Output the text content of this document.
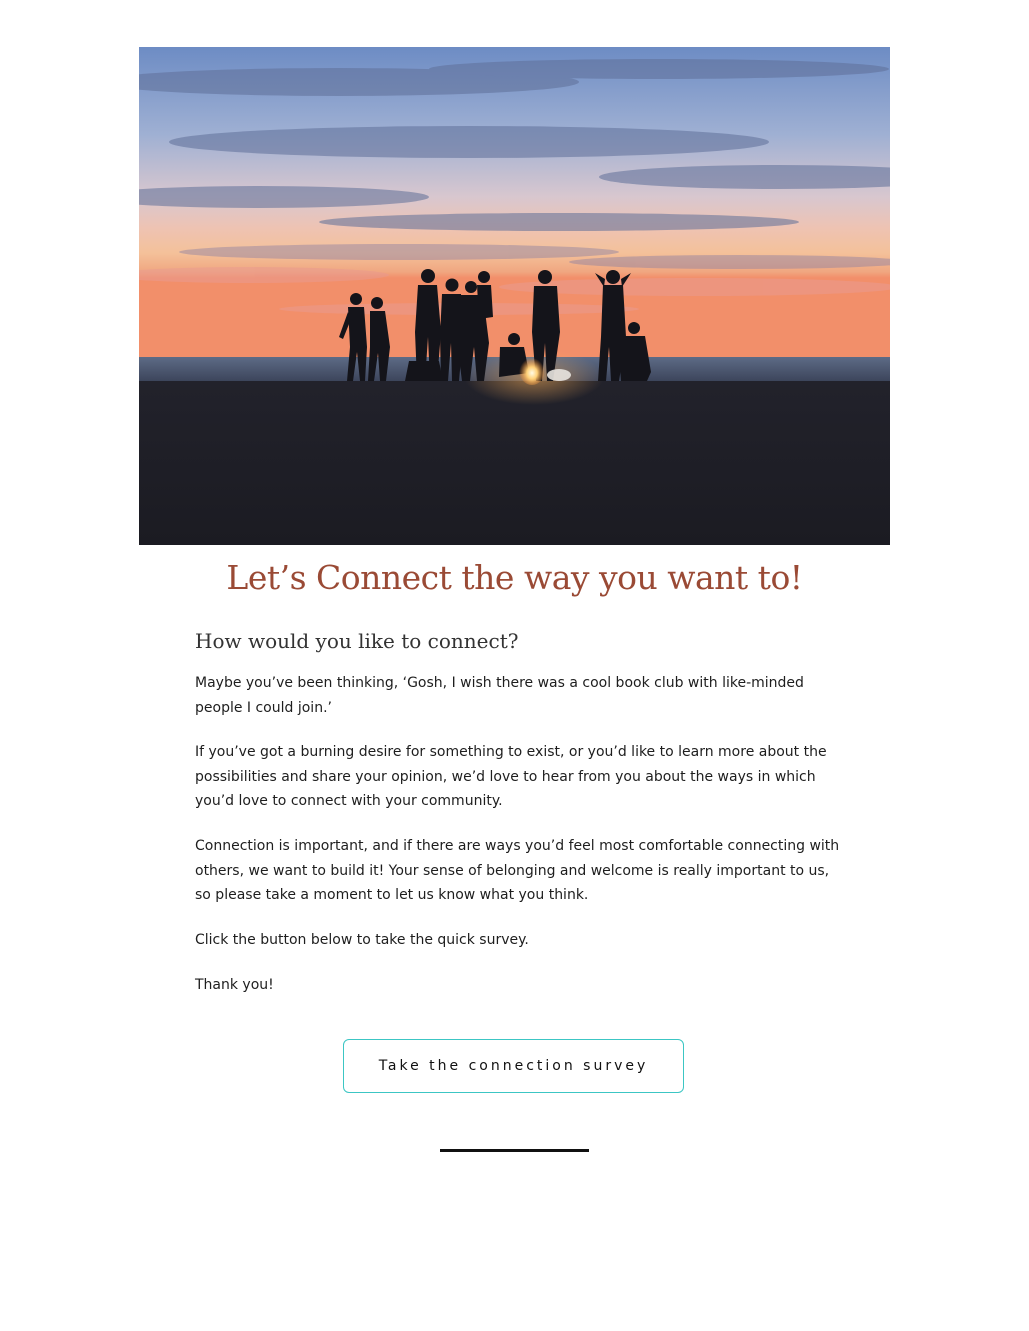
Let’s Connect the way you want to!
How would you like to connect?

Maybe you’ve been thinking, ‘Gosh, I wish there was a cool book club with like-minded people I could join.’

If you’ve got a burning desire for something to exist, or you’d like to learn more about the possibilities and share your opinion, we’d love to hear from you about the ways in which you’d love to connect with your community.

Connection is important, and if there are ways you’d feel most comfortable connecting with others, we want to build it! Your sense of belonging and welcome is really important to us, so please take a moment to let us know what you think.

Click the button below to take the quick survey.

Thank you!

Take the connection survey
